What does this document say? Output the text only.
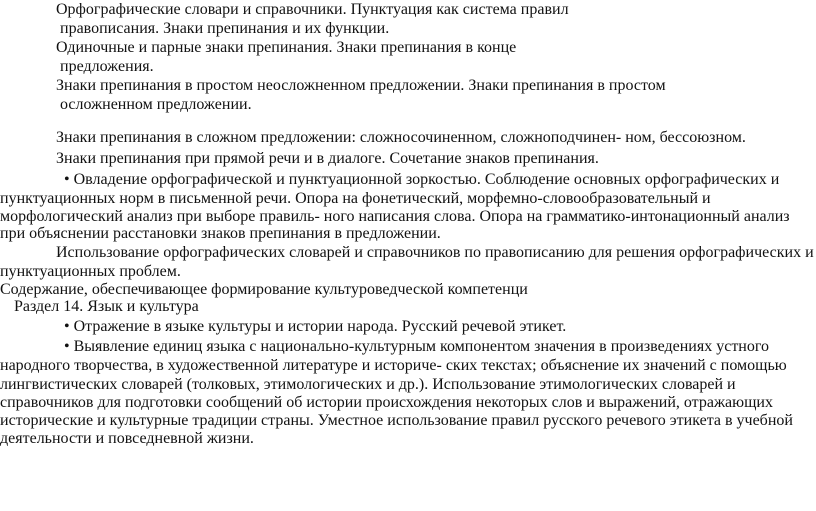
Орфографические словари и справочники. Пунктуация как система правил
правописания. Знаки препинания и их функции.
Одиночные и парные знаки препинания. Знаки препинания в конце
предложения.
Знаки препинания в простом неосложненном предложении. Знаки препинания в простом
осложненном предложении.
Знаки препинания в сложном предложении: сложносочиненном, сложноподчинен- ном, бессоюзном.
Знаки препинания при прямой речи и в диалоге. Сочетание знаков препинания.
• Овладение орфографической и пунктуационной зоркостью. Соблюдение основных орфографических и
пунктуационных норм в письменной речи. Опора на фонетический, морфемно-словообразовательный и
морфологический анализ при выборе правиль- ного написания слова. Опора на грамматико-интонационный анализ
при объяснении расстановки знаков препинания в предложении.
Использование орфографических словарей и справочников по правописанию для решения орфографических и
пунктуационных проблем.
Содержание, обеспечивающее формирование культуроведческой компетенци
Раздел 14. Язык и культура
• Отражение в языке культуры и истории народа. Русский речевой этикет.
• Выявление единиц языка с национально-культурным компонентом значения в произведениях устного
народного творчества, в художественной литературе и историче- ских текстах; объяснение их значений с помощью
лингвистических словарей (толковых, этимологических и др.). Использование этимологических словарей и
справочников для подготовки сообщений об истории происхождения некоторых слов и выражений, отражающих
исторические и культурные традиции страны. Уместное использование правил русского речевого этикета в учебной
деятельности и повседневной жизни.
